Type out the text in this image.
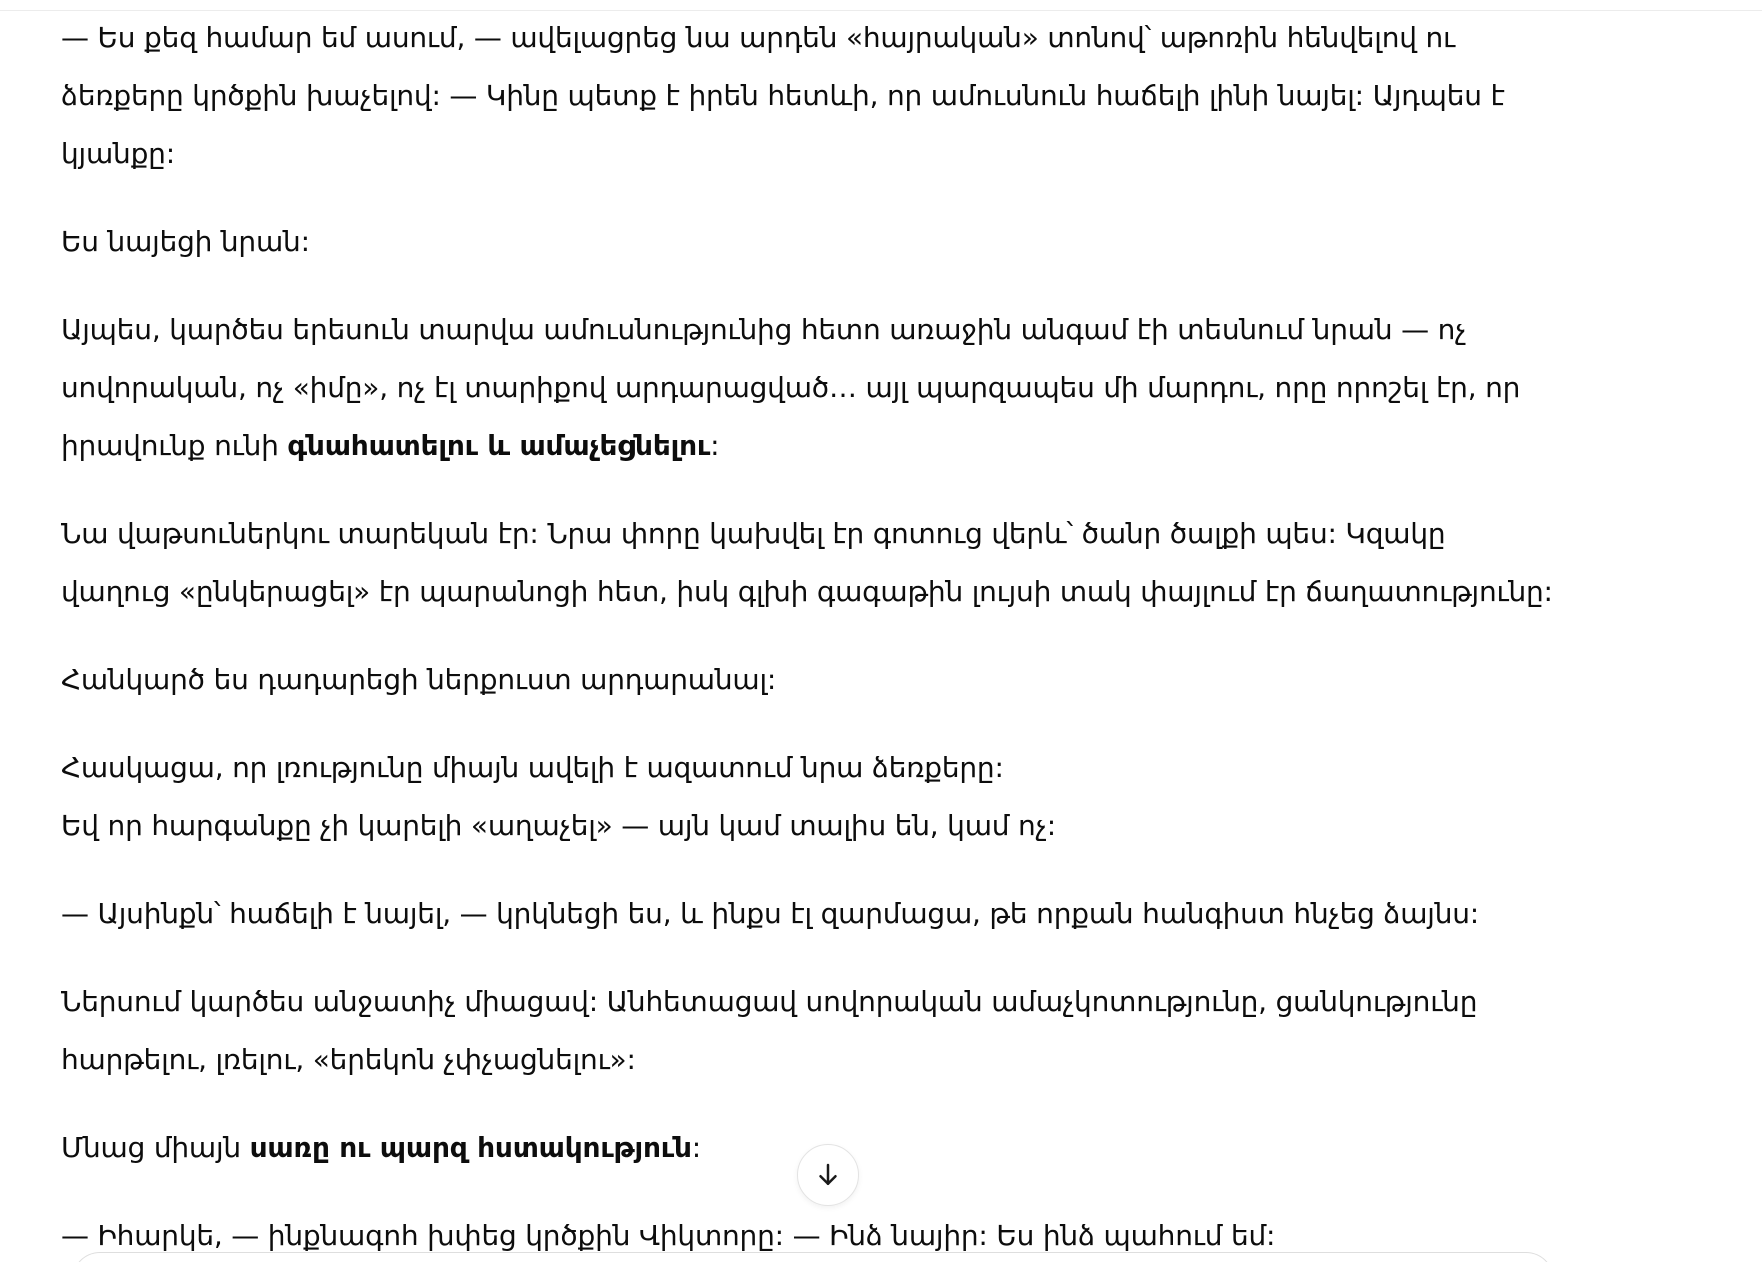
— Ես քեզ համար եմ ասում, — ավելացրեց նա արդեն «հայրական» տոնով՝ աթոռին հենվելով ու
ձեռքերը կրծքին խաչելով: — Կինը պետք է իրեն հետևի, որ ամուսնուն հաճելի լինի նայել: Այդպես է
կյանքը:

Ես նայեցի նրան:

Այպես, կարծես երեսուն տարվա ամուսնությունից հետո առաջին անգամ էի տեսնում նրան — ոչ
սովորական, ոչ «իմը», ոչ էլ տարիքով արդարացված… այլ պարզապես մի մարդու, որը որոշել էր, որ
իրավունք ունի գնահատելու և ամաչեցնելու:

Նա վաթսուներկու տարեկան էր: Նրա փորը կախվել էր գոտուց վերև՝ ծանր ծալքի պես: Կզակը
վաղուց «ընկերացել» էր պարանոցի հետ, իսկ գլխի գագաթին լույսի տակ փայլում էր ճաղատությունը:

Հանկարծ ես դադարեցի ներքուստ արդարանալ:

Հասկացա, որ լռությունը միայն ավելի է ազատում նրա ձեռքերը:
Եվ որ հարգանքը չի կարելի «աղաչել» — այն կամ տալիս են, կամ ոչ:

— Այսինքն՝ հաճելի է նայել, — կրկնեցի ես, և ինքս էլ զարմացա, թե որքան հանգիստ հնչեց ձայնս:

Ներսում կարծես անջատիչ միացավ: Անհետացավ սովորական ամաչկոտությունը, ցանկությունը
հարթելու, լռելու, «երեկոն չփչացնելու»:

Մնաց միայն սառը ու պարզ հստակություն:

— Իհարկե, — ինքնագոհ խփեց կրծքին Վիկտորը: — Ինձ նայիր: Ես ինձ պահում եմ:
